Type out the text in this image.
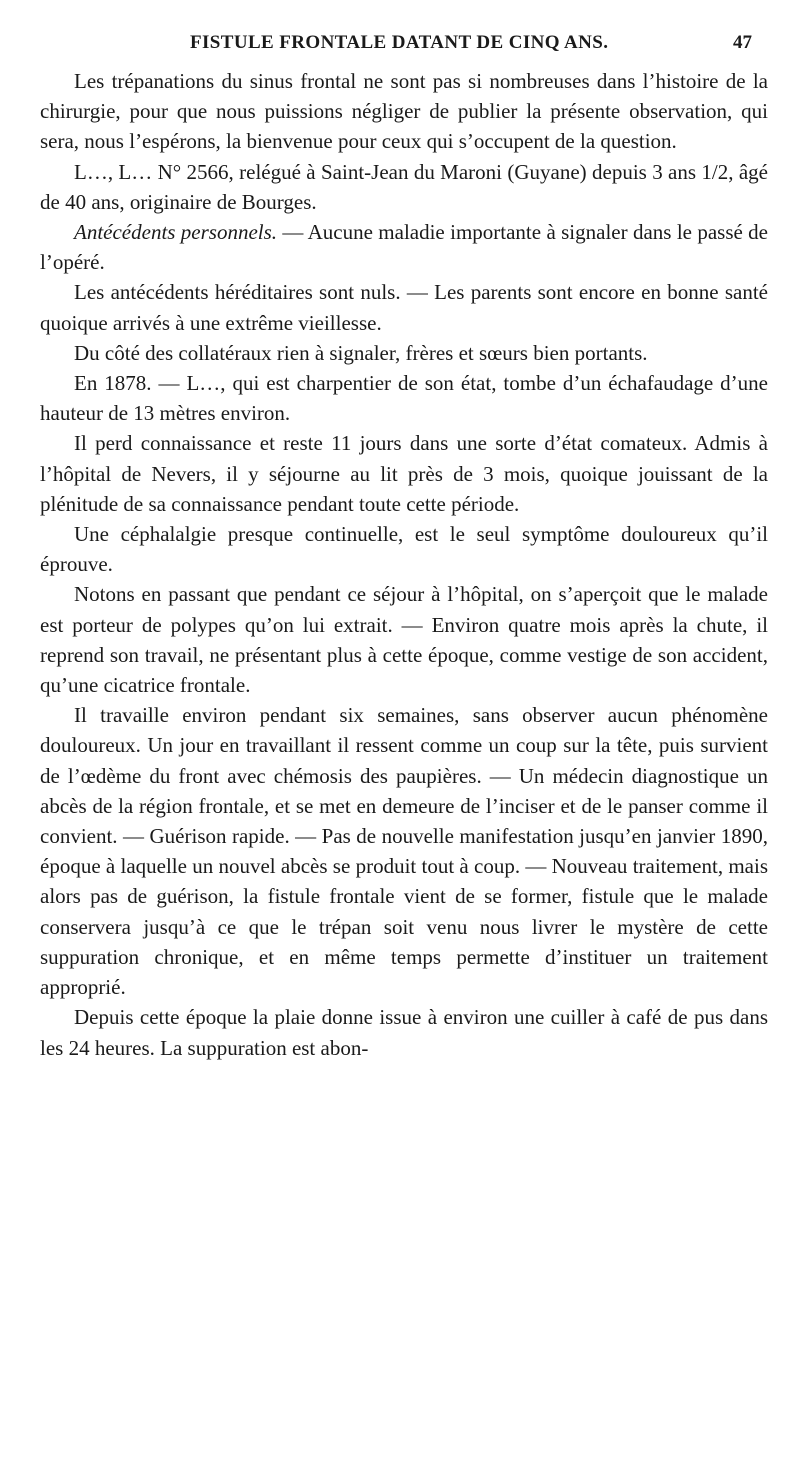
FISTULE FRONTALE DATANT DE CINQ ANS.	47

Les trépanations du sinus frontal ne sont pas si nombreuses dans l’histoire de la chirurgie, pour que nous puissions négliger de publier la présente observation, qui sera, nous l’espérons, la bienvenue pour ceux qui s’occupent de la question.

L…, L… N° 2566, relégué à Saint-Jean du Maroni (Guyane) depuis 3 ans 1/2, âgé de 40 ans, originaire de Bourges.

Antécédents personnels. — Aucune maladie importante à signaler dans le passé de l’opéré.

Les antécédents héréditaires sont nuls. — Les parents sont encore en bonne santé quoique arrivés à une extrême vieillesse.

Du côté des collatéraux rien à signaler, frères et sœurs bien portants.

En 1878. — L…, qui est charpentier de son état, tombe d’un échafaudage d’une hauteur de 13 mètres environ.

Il perd connaissance et reste 11 jours dans une sorte d’état comateux. Admis à l’hôpital de Nevers, il y séjourne au lit près de 3 mois, quoique jouissant de la plénitude de sa connaissance pendant toute cette période.

Une céphalalgie presque continuelle, est le seul symptôme douloureux qu’il éprouve.

Notons en passant que pendant ce séjour à l’hôpital, on s’aperçoit que le malade est porteur de polypes qu’on lui extrait. — Environ quatre mois après la chute, il reprend son travail, ne présentant plus à cette époque, comme vestige de son accident, qu’une cicatrice frontale.

Il travaille environ pendant six semaines, sans observer aucun phénomène douloureux. Un jour en travaillant il ressent comme un coup sur la tête, puis survient de l’œdème du front avec chémosis des paupières. — Un médecin diagnostique un abcès de la région frontale, et se met en demeure de l’inciser et de le panser comme il convient. — Guérison rapide. — Pas de nouvelle manifestation jusqu’en janvier 1890, époque à laquelle un nouvel abcès se produit tout à coup. — Nouveau traitement, mais alors pas de guérison, la fistule frontale vient de se former, fistule que le malade conservera jusqu’à ce que le trépan soit venu nous livrer le mystère de cette suppuration chronique, et en même temps permette d’instituer un traitement approprié.

Depuis cette époque la plaie donne issue à environ une cuiller à café de pus dans les 24 heures. La suppuration est abon-
